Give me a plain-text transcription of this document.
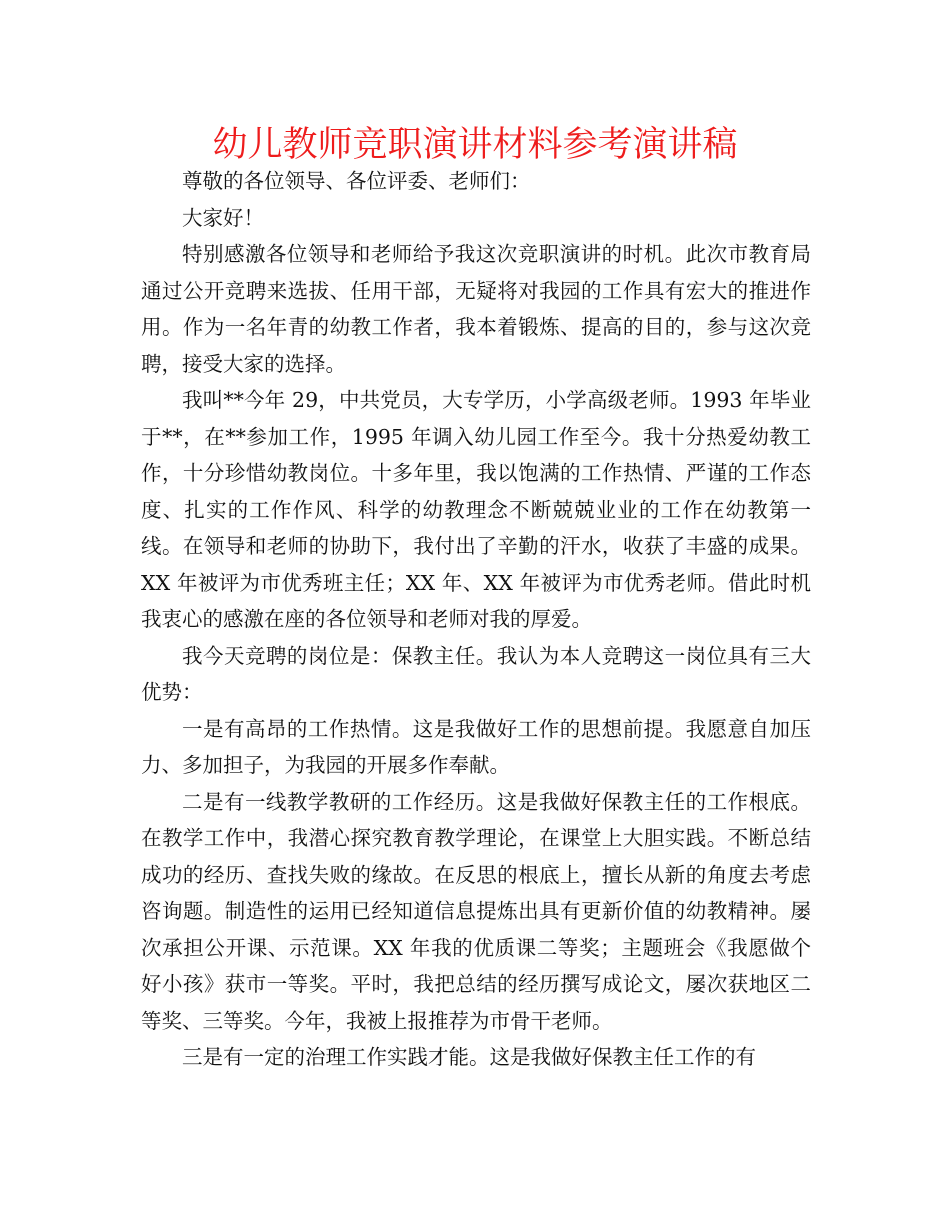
幼儿教师竞职演讲材料参考演讲稿

尊敬的各位领导、各位评委、老师们：

大家好！

特别感激各位领导和老师给予我这次竞职演讲的时机。此次市教育局通过公开竞聘来选拔、任用干部，无疑将对我园的工作具有宏大的推进作用。作为一名年青的幼教工作者，我本着锻炼、提高的目的，参与这次竞聘，接受大家的选择。

我叫**今年 29，中共党员，大专学历，小学高级老师。1993 年毕业于**，在**参加工作，1995 年调入幼儿园工作至今。我十分热爱幼教工作，十分珍惜幼教岗位。十多年里，我以饱满的工作热情、严谨的工作态度、扎实的工作作风、科学的幼教理念不断兢兢业业的工作在幼教第一线。在领导和老师的协助下，我付出了辛勤的汗水，收获了丰盛的成果。XX 年被评为市优秀班主任；XX 年、XX 年被评为市优秀老师。借此时机我衷心的感激在座的各位领导和老师对我的厚爱。

我今天竞聘的岗位是：保教主任。我认为本人竞聘这一岗位具有三大优势：

一是有高昂的工作热情。这是我做好工作的思想前提。我愿意自加压力、多加担子，为我园的开展多作奉献。

二是有一线教学教研的工作经历。这是我做好保教主任的工作根底。在教学工作中，我潜心探究教育教学理论，在课堂上大胆实践。不断总结成功的经历、查找失败的缘故。在反思的根底上，擅长从新的角度去考虑咨询题。制造性的运用已经知道信息提炼出具有更新价值的幼教精神。屡次承担公开课、示范课。XX 年我的优质课二等奖；主题班会《我愿做个好小孩》获市一等奖。平时，我把总结的经历撰写成论文，屡次获地区二等奖、三等奖。今年，我被上报推荐为市骨干老师。

三是有一定的治理工作实践才能。这是我做好保教主任工作的有
